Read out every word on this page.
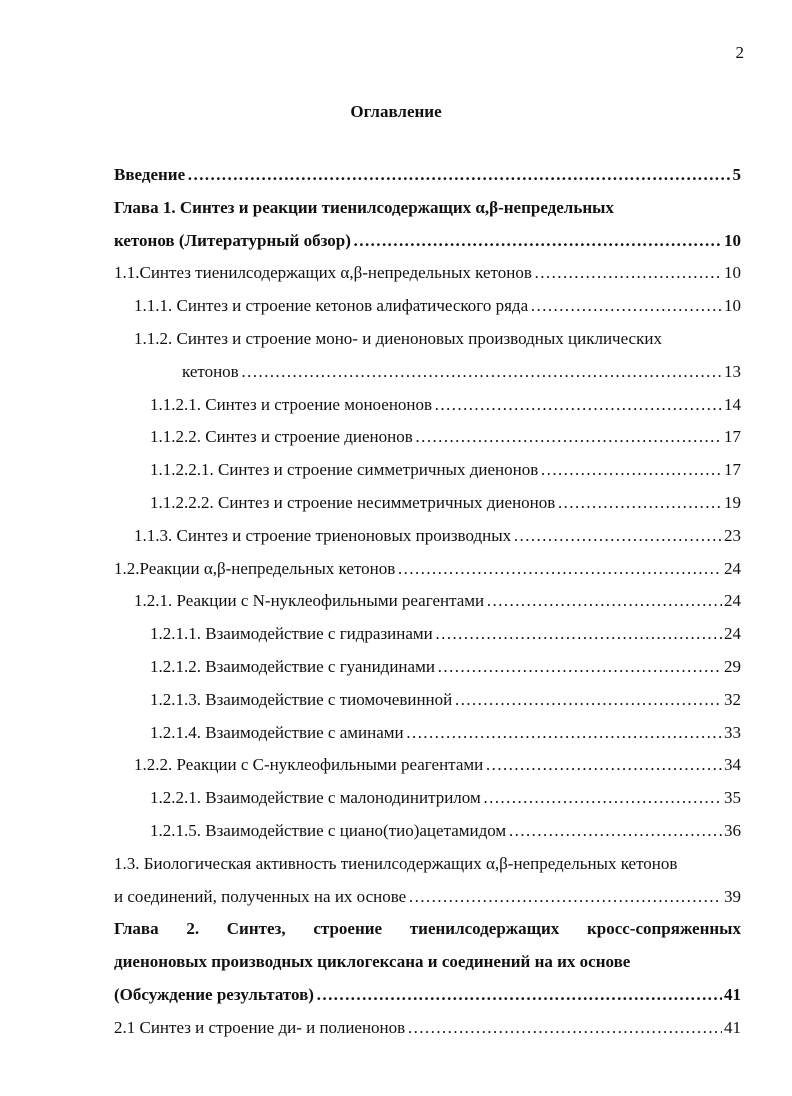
2
Оглавление
Введение …………………………………………………………………………………………………………………………………………	5
Глава 1. Синтез и реакции тиенилсодержащих α,β-непредельных
кетонов (Литературный обзор) …………………………………………………………………………………………………………………………………………	10
1.1. Синтез тиенилсодержащих α,β-непредельных кетонов …………………………………………………………………………………………………………………………………………	10
1.1.1. Синтез и строение кетонов алифатического ряда …………………………………………………………………………………………………………………………………………	10
1.1.2. Синтез и строение моно- и диеноновых производных циклических
кетонов …………………………………………………………………………………………………………………………………………	13
1.1.2.1. Синтез и строение моноенонов …………………………………………………………………………………………………………………………………………	14
1.1.2.2. Синтез и строение диенонов …………………………………………………………………………………………………………………………………………	17
1.1.2.2.1. Синтез и строение симметричных диенонов …………………………………………………………………………………………………………………………………………	17
1.1.2.2.2. Синтез и строение несимметричных диенонов …………………………………………………………………………………………………………………………………………	19
1.1.3. Синтез и строение триеноновых производных …………………………………………………………………………………………………………………………………………	23
1.2. Реакции α,β-непредельных кетонов …………………………………………………………………………………………………………………………………………	24
1.2.1. Реакции с N-нуклеофильными реагентами …………………………………………………………………………………………………………………………………………	24
1.2.1.1. Взаимодействие с гидразинами …………………………………………………………………………………………………………………………………………	24
1.2.1.2. Взаимодействие с гуанидинами …………………………………………………………………………………………………………………………………………	29
1.2.1.3. Взаимодействие с тиомочевинной …………………………………………………………………………………………………………………………………………	32
1.2.1.4. Взаимодействие с аминами …………………………………………………………………………………………………………………………………………	33
1.2.2. Реакции с С-нуклеофильными реагентами …………………………………………………………………………………………………………………………………………	34
1.2.2.1. Взаимодействие с малонодинитрилом …………………………………………………………………………………………………………………………………………	35
1.2.1.5. Взаимодействие с циано(тио)ацетамидом …………………………………………………………………………………………………………………………………………	36
1.3. Биологическая активность тиенилсодержащих α,β-непредельных кетонов
и соединений, полученных на их основе …………………………………………………………………………………………………………………………………………	39
Глава 2. Синтез, строение тиенилсодержащих кросс-сопряженных
диеноновых производных циклогексана и соединений на их основе
(Обсуждение результатов) …………………………………………………………………………………………………………………………………………	41
2.1 Синтез и строение ди- и полиенонов …………………………………………………………………………………………………………………………………………	41
